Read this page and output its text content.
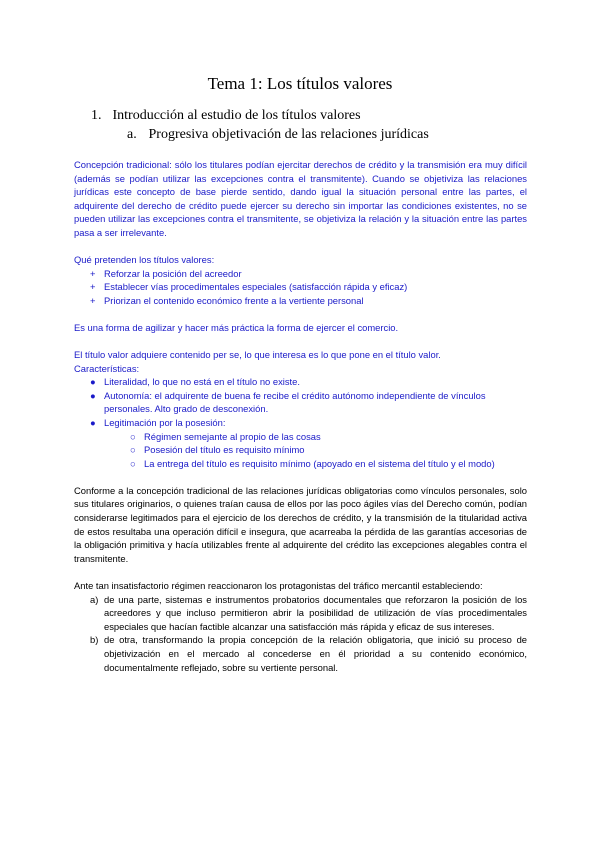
Tema 1: Los títulos valores
1. Introducción al estudio de los títulos valores
a. Progresiva objetivación de las relaciones jurídicas

Concepción tradicional: sólo los titulares podían ejercitar derechos de crédito y la transmisión era muy difícil (además se podían utilizar las excepciones contra el transmitente). Cuando se objetiviza las relaciones jurídicas este concepto de base pierde sentido, dando igual la situación personal entre las partes, el adquirente del derecho de crédito puede ejercer su derecho sin importar las condiciones existentes, no se pueden utilizar las excepciones contra el transmitente, se objetiviza la relación y la situación entre las partes pasa a ser irrelevante.

Qué pretenden los títulos valores:

+ Reforzar la posición del acreedor
+ Establecer vías procedimentales especiales (satisfacción rápida y eficaz)
+ Priorizan el contenido económico frente a la vertiente personal

Es una forma de agilizar y hacer más práctica la forma de ejercer el comercio.

El título valor adquiere contenido per se, lo que interesa es lo que pone en el título valor.

Características:

● Literalidad, lo que no está en el título no existe.
● Autonomía: el adquirente de buena fe recibe el crédito autónomo independiente de vínculos personales. Alto grado de desconexión.
● Legitimación por la posesión:
○ Régimen semejante al propio de las cosas
○ Posesión del título es requisito mínimo
○ La entrega del título es requisito mínimo (apoyado en el sistema del título y el modo)

Conforme a la concepción tradicional de las relaciones jurídicas obligatorias como vínculos personales, solo sus titulares originarios, o quienes traían causa de ellos por las poco ágiles vías del Derecho común, podían considerarse legitimados para el ejercicio de los derechos de crédito, y la transmisión de la titularidad activa de estos resultaba una operación difícil e insegura, que acarreaba la pérdida de las garantías accesorias de la obligación primitiva y hacía utilizables frente al adquirente del crédito las excepciones alegables contra el transmitente.

Ante tan insatisfactorio régimen reaccionaron los protagonistas del tráfico mercantil estableciendo:

a) de una parte, sistemas e instrumentos probatorios documentales que reforzaron la posición de los acreedores y que incluso permitieron abrir la posibilidad de utilización de vías procedimentales especiales que hacían factible alcanzar una satisfacción más rápida y eficaz de sus intereses.
b) de otra, transformando la propia concepción de la relación obligatoria, que inició su proceso de objetivización en el mercado al concederse en él prioridad a su contenido económico, documentalmente reflejado, sobre su vertiente personal.
